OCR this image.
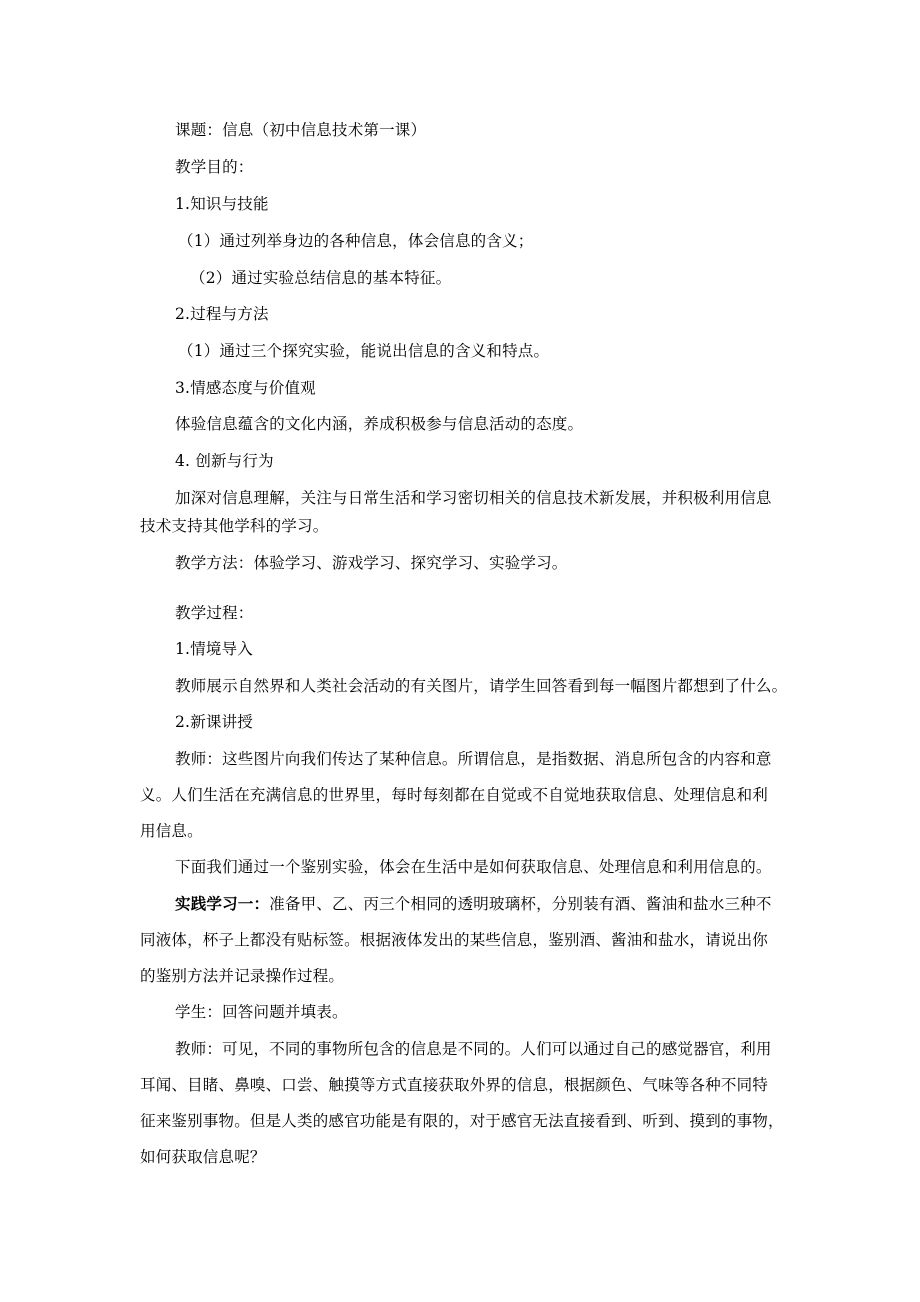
课题：信息（初中信息技术第一课）
教学目的：
1.知识与技能
（1）通过列举身边的各种信息，体会信息的含义；
（2）通过实验总结信息的基本特征。
2.过程与方法
（1）通过三个探究实验，能说出信息的含义和特点。
3.情感态度与价值观
体验信息蕴含的文化内涵，养成积极参与信息活动的态度。
4. 创新与行为
加深对信息理解，关注与日常生活和学习密切相关的信息技术新发展，并积极利用信息
技术支持其他学科的学习。
教学方法：体验学习、游戏学习、探究学习、实验学习。
教学过程：
1.情境导入
教师展示自然界和人类社会活动的有关图片，请学生回答看到每一幅图片都想到了什么。
2.新课讲授
教师：这些图片向我们传达了某种信息。所谓信息，是指数据、消息所包含的内容和意
义。人们生活在充满信息的世界里，每时每刻都在自觉或不自觉地获取信息、处理信息和利
用信息。
下面我们通过一个鉴别实验，体会在生活中是如何获取信息、处理信息和利用信息的。
实践学习一：准备甲、乙、丙三个相同的透明玻璃杯，分别装有酒、酱油和盐水三种不
同液体，杯子上都没有贴标签。根据液体发出的某些信息，鉴别酒、酱油和盐水，请说出你
的鉴别方法并记录操作过程。
学生：回答问题并填表。
教师：可见，不同的事物所包含的信息是不同的。人们可以通过自己的感觉器官，利用
耳闻、目睹、鼻嗅、口尝、触摸等方式直接获取外界的信息，根据颜色、气味等各种不同特
征来鉴别事物。但是人类的感官功能是有限的，对于感官无法直接看到、听到、摸到的事物，
如何获取信息呢？
